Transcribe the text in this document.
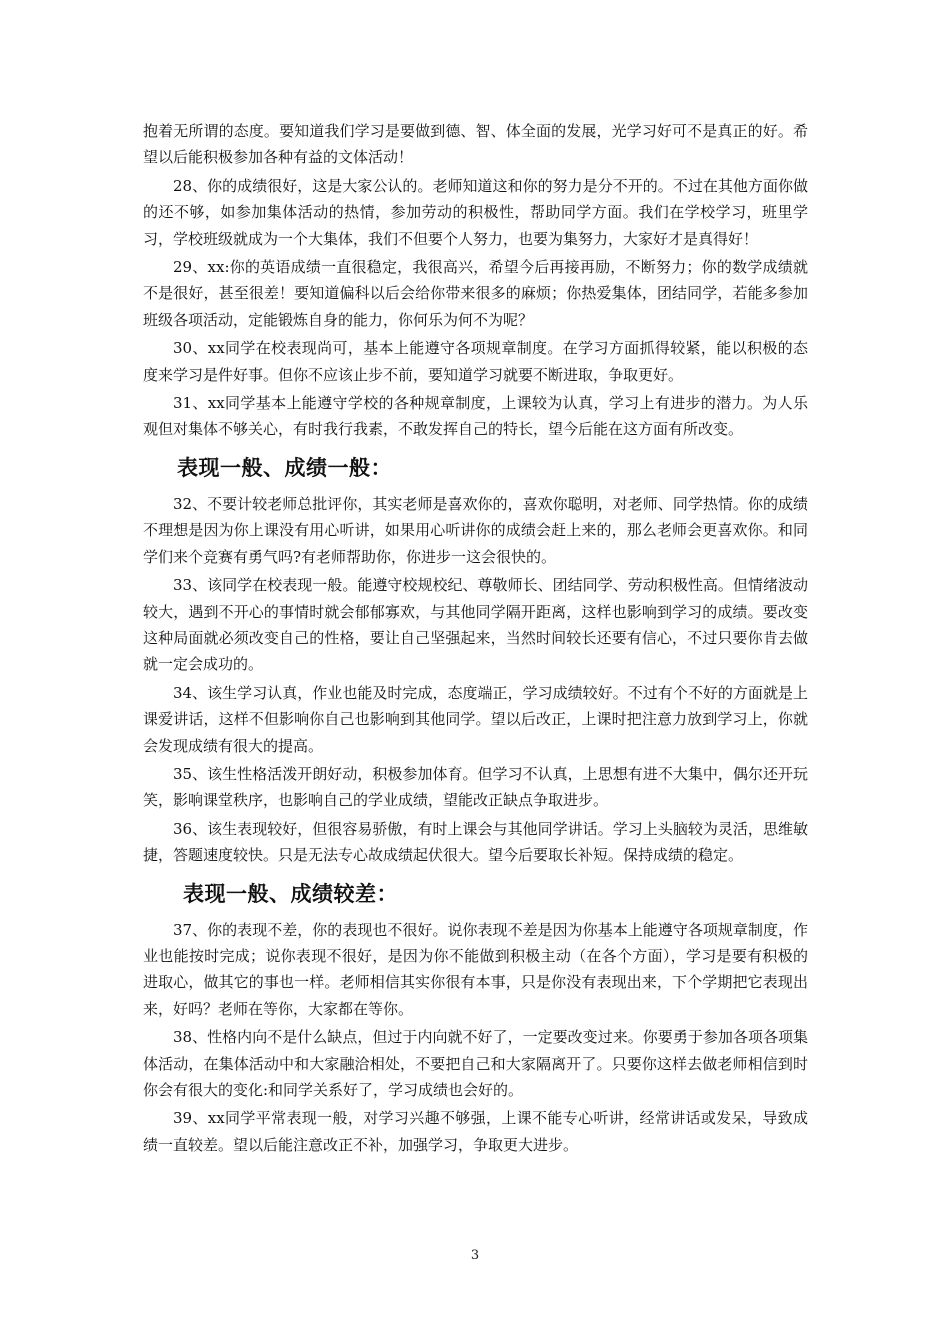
抱着无所谓的态度。要知道我们学习是要做到德、智、体全面的发展，光学习好可不是真正的好。希望以后能积极参加各种有益的文体活动！

28、你的成绩很好，这是大家公认的。老师知道这和你的努力是分不开的。不过在其他方面你做的还不够，如参加集体活动的热情，参加劳动的积极性，帮助同学方面。我们在学校学习，班里学习，学校班级就成为一个大集体，我们不但要个人努力，也要为集努力，大家好才是真得好！

29、xx:你的英语成绩一直很稳定，我很高兴，希望今后再接再励，不断努力；你的数学成绩就不是很好，甚至很差！要知道偏科以后会给你带来很多的麻烦；你热爱集体，团结同学，若能多参加班级各项活动，定能锻炼自身的能力，你何乐为何不为呢？

30、xx同学在校表现尚可，基本上能遵守各项规章制度。在学习方面抓得较紧，能以积极的态度来学习是件好事。但你不应该止步不前，要知道学习就要不断进取，争取更好。

31、xx同学基本上能遵守学校的各种规章制度，上课较为认真，学习上有进步的潜力。为人乐观但对集体不够关心，有时我行我素，不敢发挥自己的特长，望今后能在这方面有所改变。

表现一般、成绩一般：

32、不要计较老师总批评你，其实老师是喜欢你的，喜欢你聪明，对老师、同学热情。你的成绩不理想是因为你上课没有用心听讲，如果用心听讲你的成绩会赶上来的，那么老师会更喜欢你。和同学们来个竞赛有勇气吗?有老师帮助你，你进步一这会很快的。

33、该同学在校表现一般。能遵守校规校纪、尊敬师长、团结同学、劳动积极性高。但情绪波动较大，遇到不开心的事情时就会郁郁寡欢，与其他同学隔开距离，这样也影响到学习的成绩。要改变这种局面就必须改变自己的性格，要让自己坚强起来，当然时间较长还要有信心，不过只要你肯去做就一定会成功的。

34、该生学习认真，作业也能及时完成，态度端正，学习成绩较好。不过有个不好的方面就是上课爱讲话，这样不但影响你自己也影响到其他同学。望以后改正，上课时把注意力放到学习上，你就会发现成绩有很大的提高。

35、该生性格活泼开朗好动，积极参加体育。但学习不认真，上思想有进不大集中，偶尔还开玩笑，影响课堂秩序，也影响自己的学业成绩，望能改正缺点争取进步。

36、该生表现较好，但很容易骄傲，有时上课会与其他同学讲话。学习上头脑较为灵活，思维敏捷，答题速度较快。只是无法专心故成绩起伏很大。望今后要取长补短。保持成绩的稳定。

表现一般、成绩较差：

37、你的表现不差，你的表现也不很好。说你表现不差是因为你基本上能遵守各项规章制度，作业也能按时完成；说你表现不很好，是因为你不能做到积极主动（在各个方面），学习是要有积极的进取心，做其它的事也一样。老师相信其实你很有本事，只是你没有表现出来，下个学期把它表现出来，好吗？老师在等你，大家都在等你。

38、性格内向不是什么缺点，但过于内向就不好了，一定要改变过来。你要勇于参加各项各项集体活动，在集体活动中和大家融洽相处，不要把自己和大家隔离开了。只要你这样去做老师相信到时你会有很大的变化:和同学关系好了，学习成绩也会好的。

39、xx同学平常表现一般，对学习兴趣不够强，上课不能专心听讲，经常讲话或发呆，导致成绩一直较差。望以后能注意改正不补，加强学习，争取更大进步。

3
